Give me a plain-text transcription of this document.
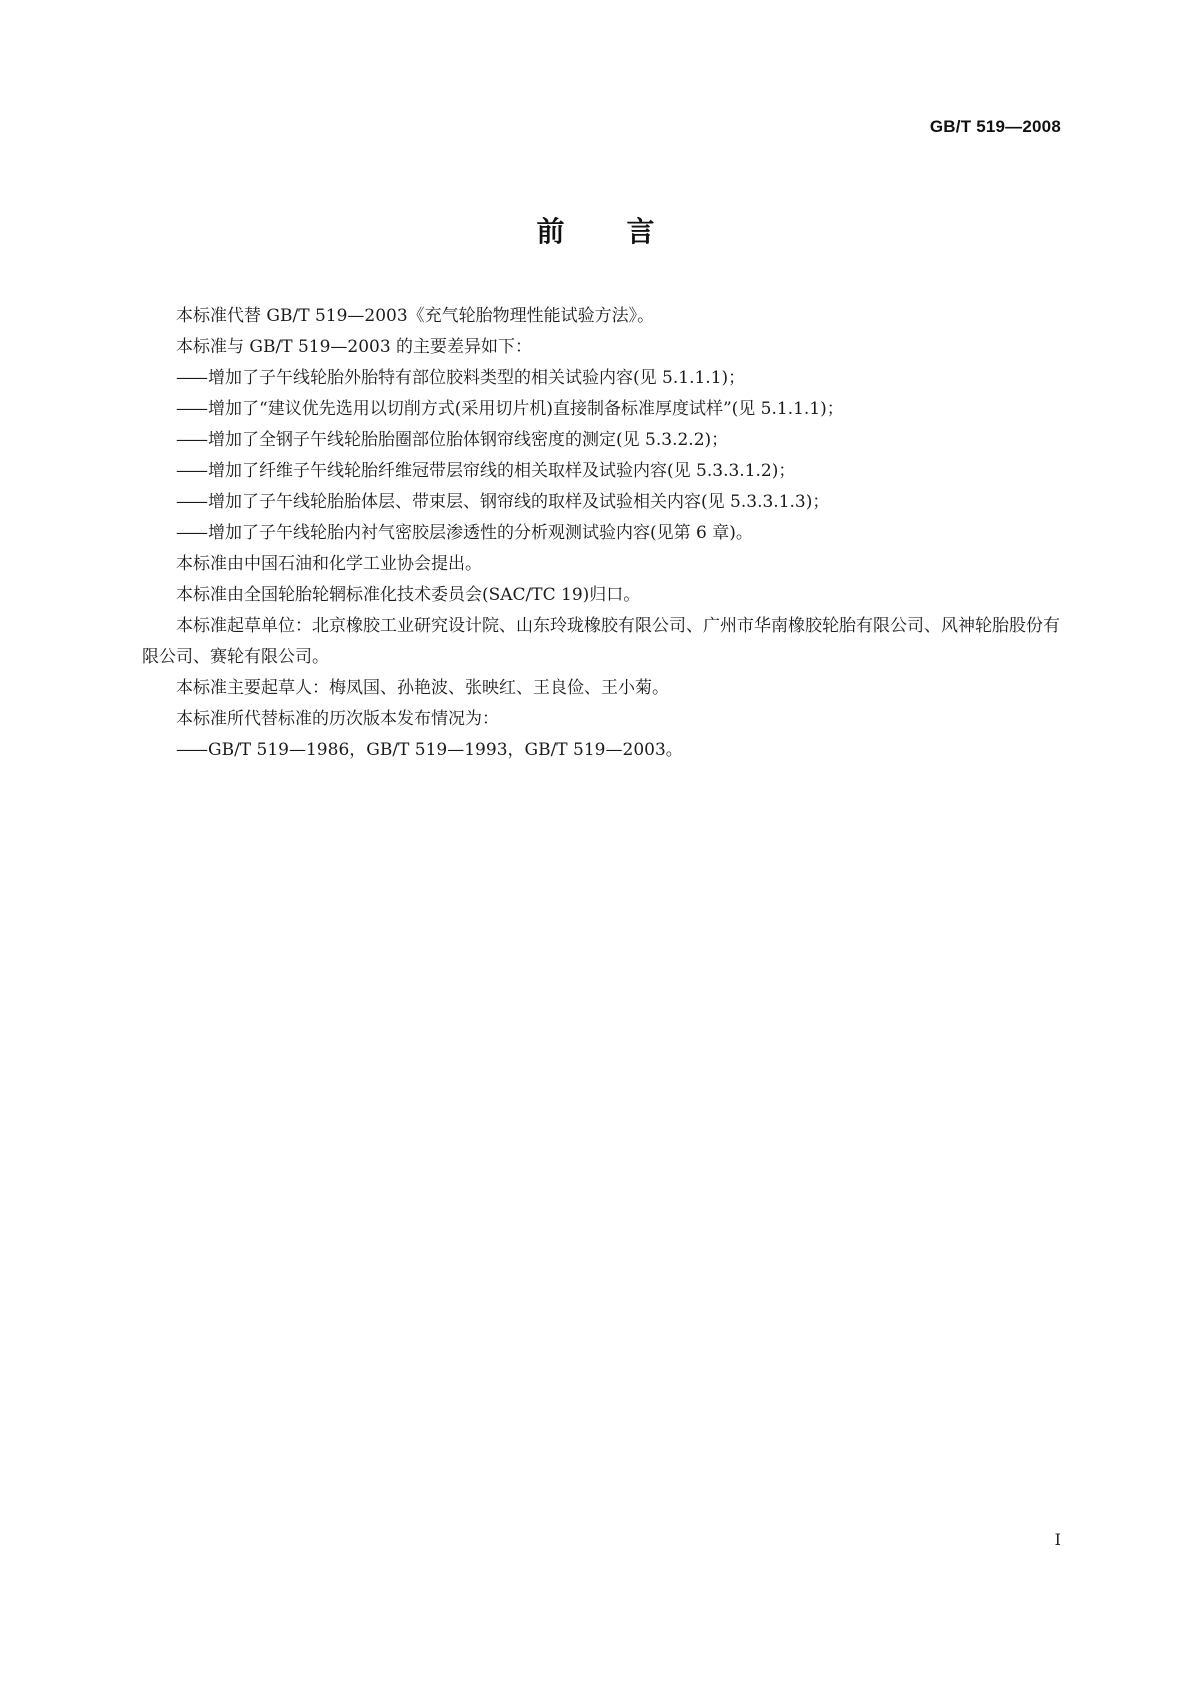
GB/T 519—2008
前 言

本标准代替 GB/T 519—2003《充气轮胎物理性能试验方法》。

本标准与 GB/T 519—2003 的主要差异如下：

—— 增加了子午线轮胎外胎特有部位胶料类型的相关试验内容(见 5.1.1.1)；

—— 增加了“建议优先选用以切削方式(采用切片机)直接制备标准厚度试样”(见 5.1.1.1)；

—— 增加了全钢子午线轮胎胎圈部位胎体钢帘线密度的测定(见 5.3.2.2)；

—— 增加了纤维子午线轮胎纤维冠带层帘线的相关取样及试验内容(见 5.3.3.1.2)；

—— 增加了子午线轮胎胎体层、带束层、钢帘线的取样及试验相关内容(见 5.3.3.1.3)；

—— 增加了子午线轮胎内衬气密胶层渗透性的分析观测试验内容(见第 6 章)。

本标准由中国石油和化学工业协会提出。

本标准由全国轮胎轮辋标准化技术委员会(SAC/TC 19)归口。

本标准起草单位：北京橡胶工业研究设计院、山东玲珑橡胶有限公司、广州市华南橡胶轮胎有限公司、风神轮胎股份有限公司、赛轮有限公司。

本标准主要起草人：梅凤国、孙艳波、张映红、王良俭、王小菊。

本标准所代替标准的历次版本发布情况为：

—— GB/T 519—1986，GB/T 519—1993，GB/T 519—2003。

I
